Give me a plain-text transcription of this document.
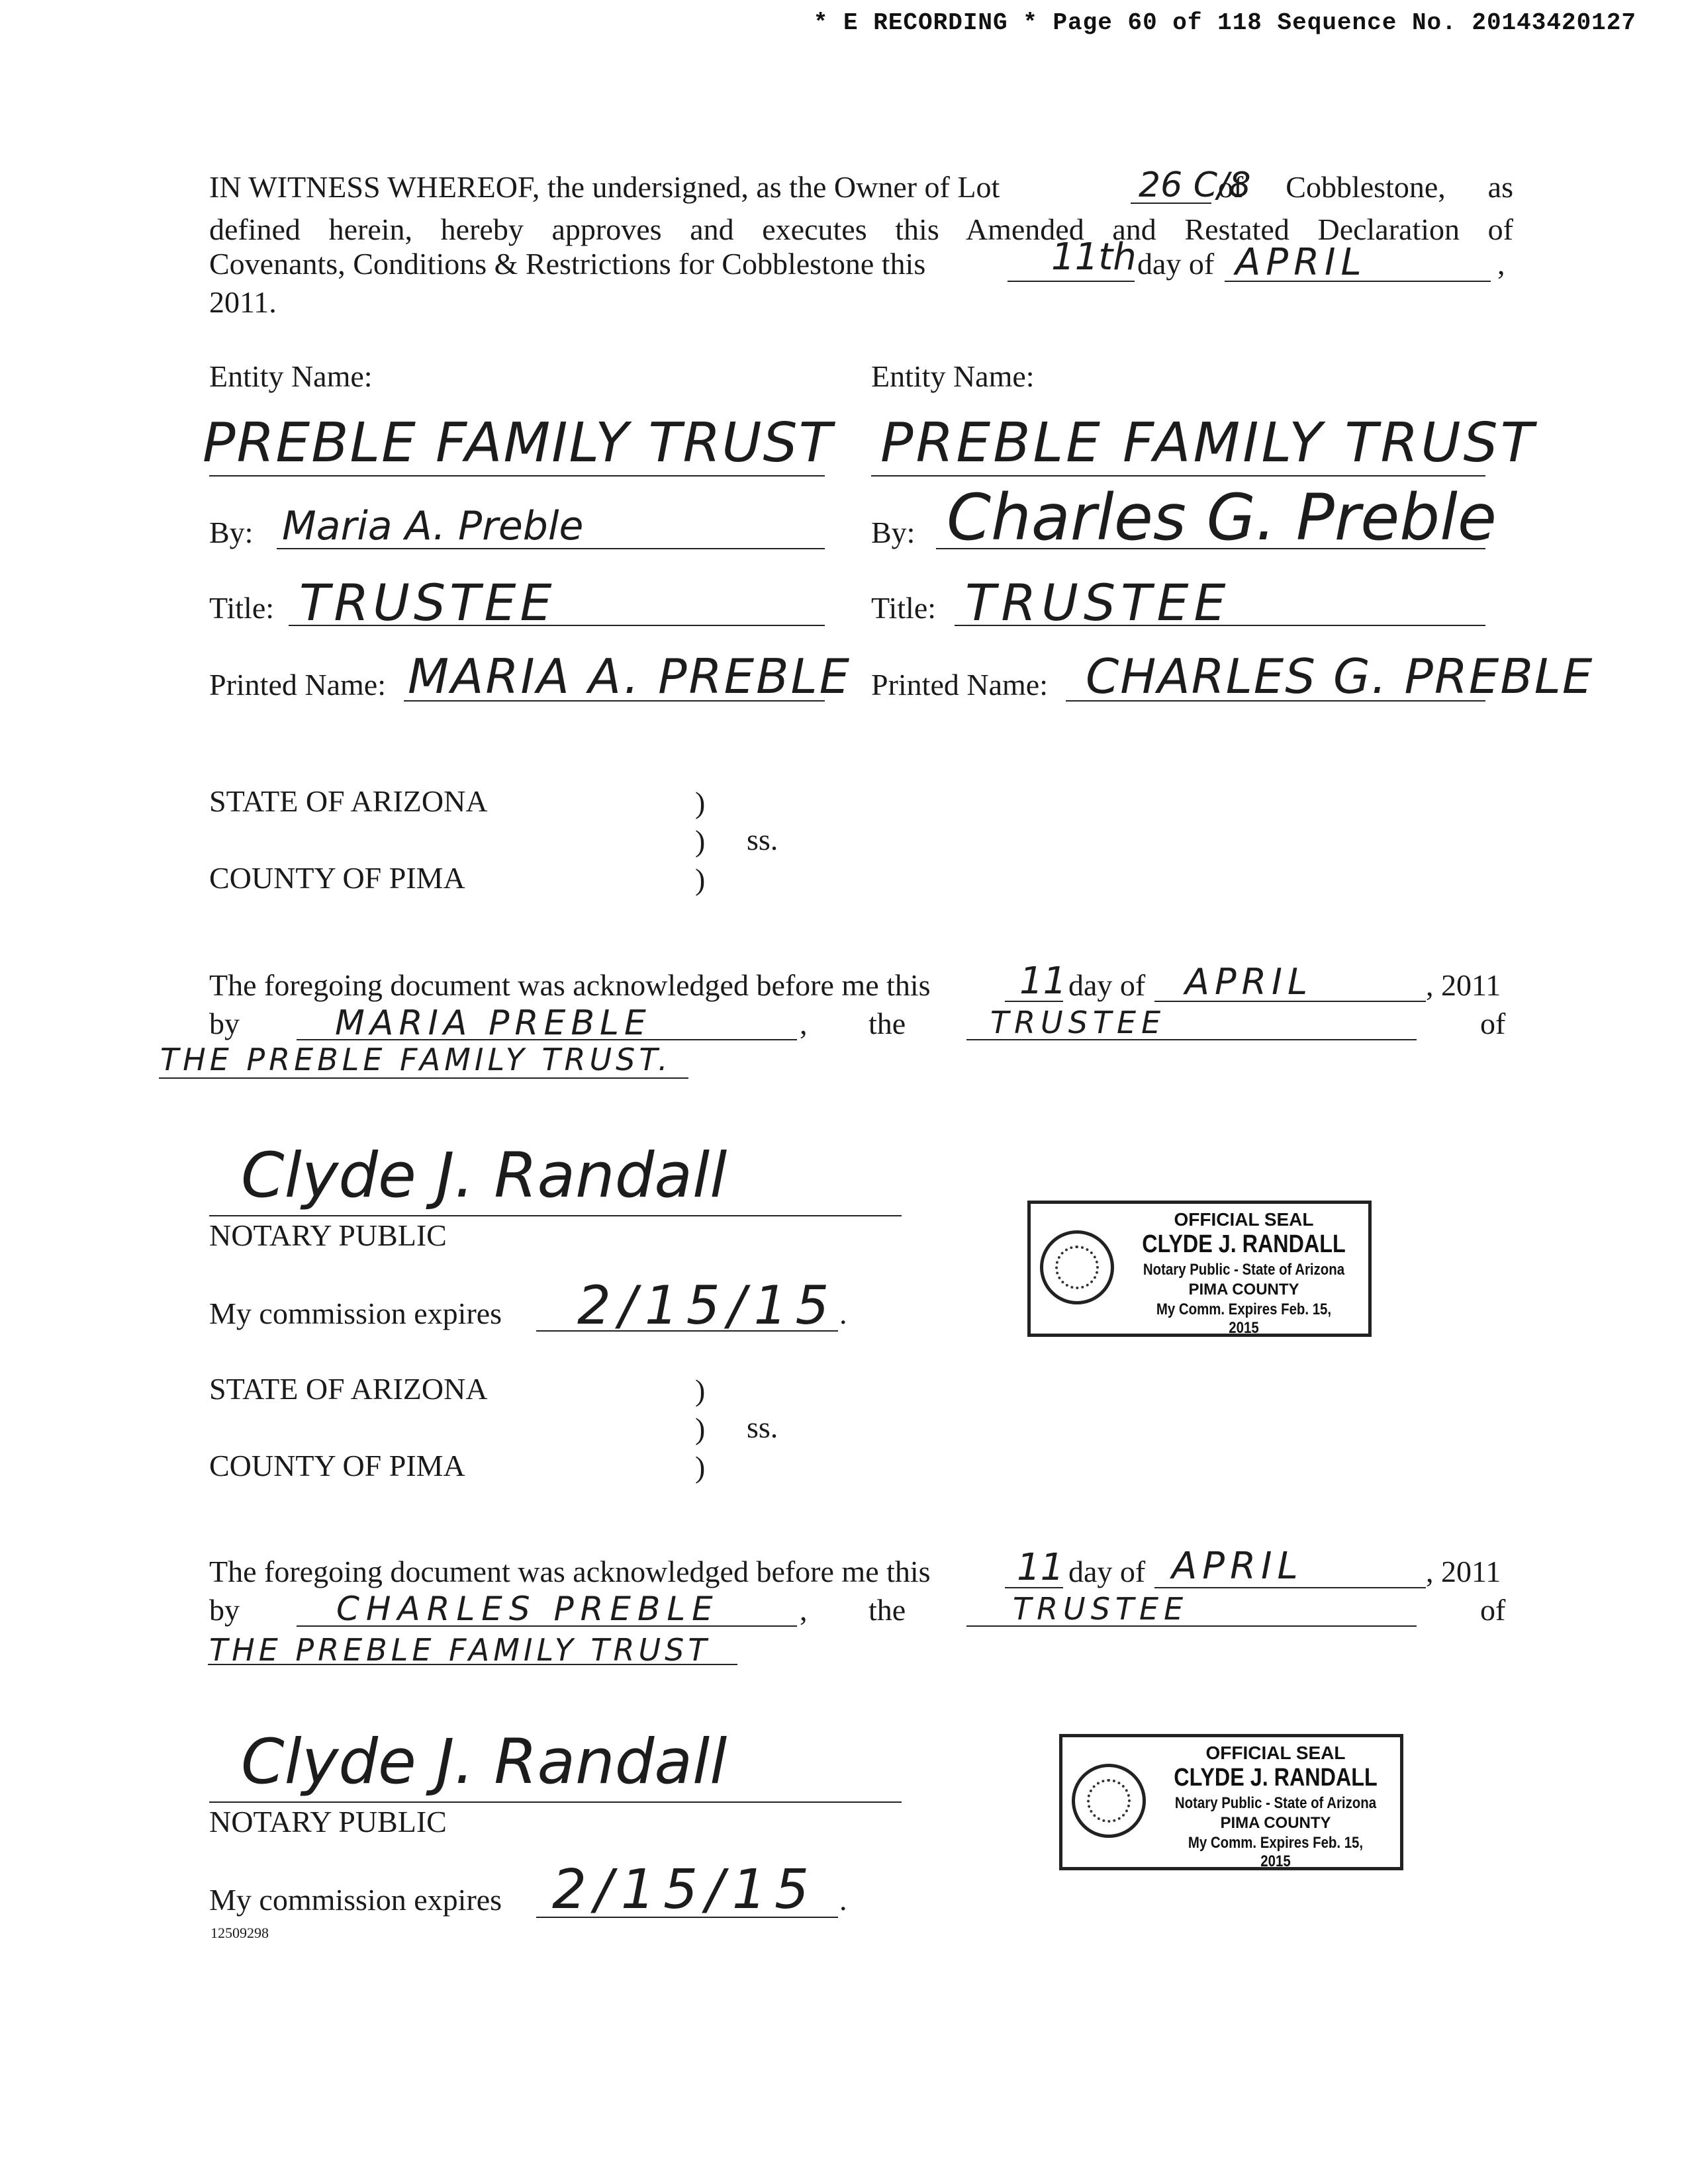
* E RECORDING * Page 60 of 118 Sequence No. 20143420127
IN WITNESS WHEREOF, the undersigned, as the Owner of Lot	26 C/8
of Cobblestone, as
defined herein, hereby approves and executes this Amended and Restated Declaration of
Covenants, Conditions & Restrictions for Cobblestone this	11th day of APRIL	,
2011.
Entity Name:
PREBLE FAMILY TRUST
By: Maria A. Preble
Title: TRUSTEE
Printed Name: MARIA A. PREBLE
Entity Name:
PREBLE FAMILY TRUST
By: Charles G. Preble
Title: TRUSTEE
Printed Name: CHARLES G. PREBLE
STATE OF ARIZONA	)
) ss.
)
COUNTY OF PIMA
The foregoing document was acknowledged before me this 11 day of APRIL	, 2011
by	MARIA PREBLE	, the	TRUSTEE	of
THE PREBLE FAMILY TRUST.
Clyde J. Randall
NOTARY PUBLIC	OFFICIAL SEAL
CLYDE J. RANDALL
Notary Public - State of Arizona
PIMA COUNTY
My Comm. Expires Feb. 15, 2015
My commission expires 2/15/15 .
STATE OF ARIZONA	)
) ss.
)
COUNTY OF PIMA
The foregoing document was acknowledged before me this 11 day of APRIL	, 2011
by	CHARLES PREBLE	, the	TRUSTEE	of
THE PREBLE FAMILY TRUST
Clyde J. Randall
NOTARY PUBLIC
OFFICIAL SEAL
CLYDE J. RANDALL
Notary Public - State of Arizona
PIMA COUNTY
My Comm. Expires Feb. 15, 2015
My commission expires 2/15/15 .
12509298
